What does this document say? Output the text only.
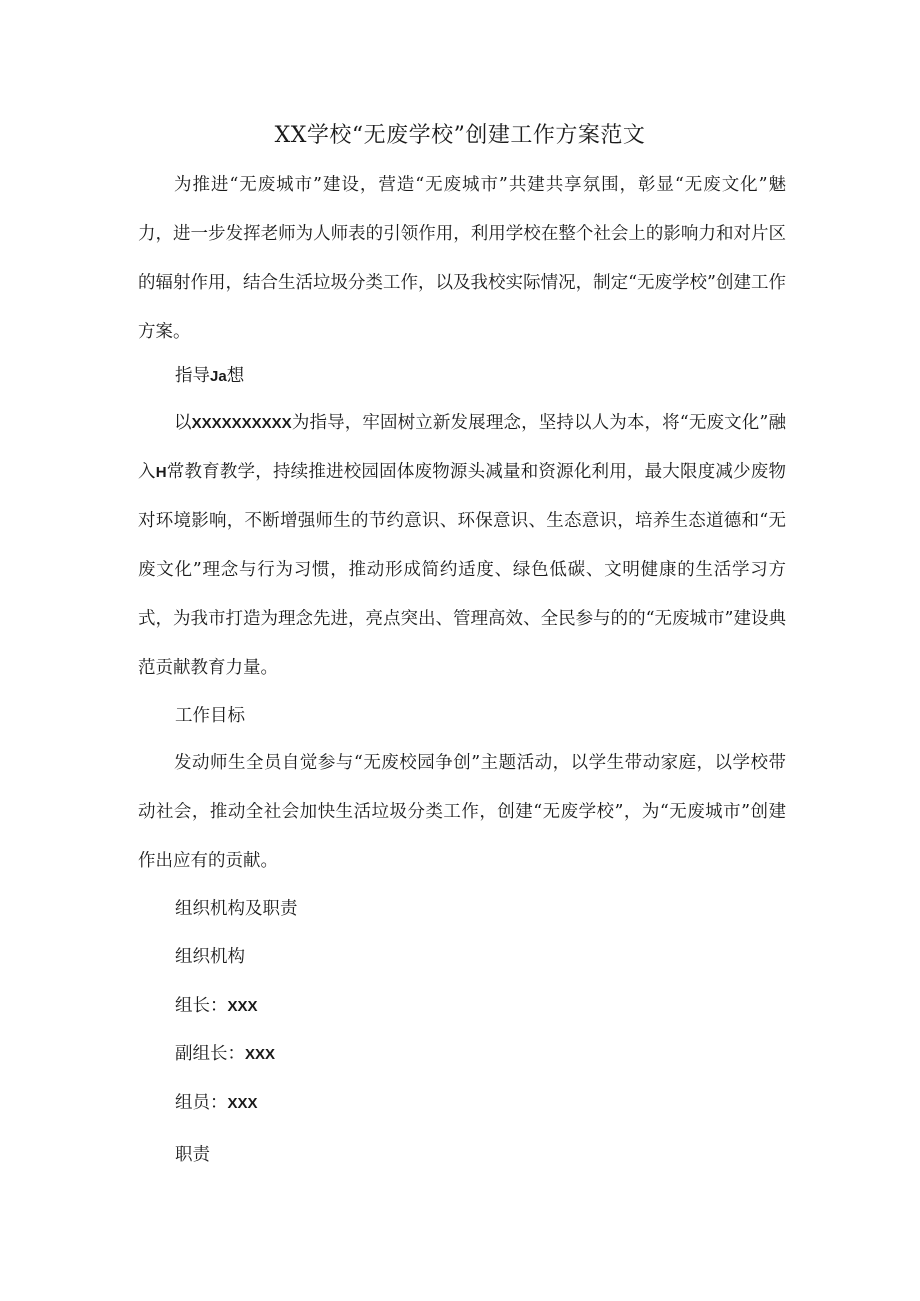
XX学校“无废学校”创建工作方案范文
为推进“无废城市”建设，营造“无废城市”共建共享氛围，彰显“无废文化”魅力，进一步发挥老师为人师表的引领作用，利用学校在整个社会上的影响力和对片区的辐射作用，结合生活垃圾分类工作，以及我校实际情况，制定“无废学校”创建工作方案。
指导Ja想
以XXXXXXXXXX为指导，牢固树立新发展理念，坚持以人为本，将“无废文化”融入H常教育教学，持续推进校园固体废物源头减量和资源化利用，最大限度减少废物对环境影响，不断增强师生的节约意识、环保意识、生态意识，培养生态道德和“无废文化”理念与行为习惯，推动形成简约适度、绿色低碳、文明健康的生活学习方式，为我市打造为理念先进，亮点突出、管理高效、全民参与的的“无废城市”建设典范贡献教育力量。
工作目标
发动师生全员自觉参与“无废校园争创”主题活动，以学生带动家庭，以学校带动社会，推动全社会加快生活垃圾分类工作，创建“无废学校”，为“无废城市”创建作出应有的贡献。
组织机构及职责
组织机构
组长：XXX
副组长：XXX
组员：XXX
职责
